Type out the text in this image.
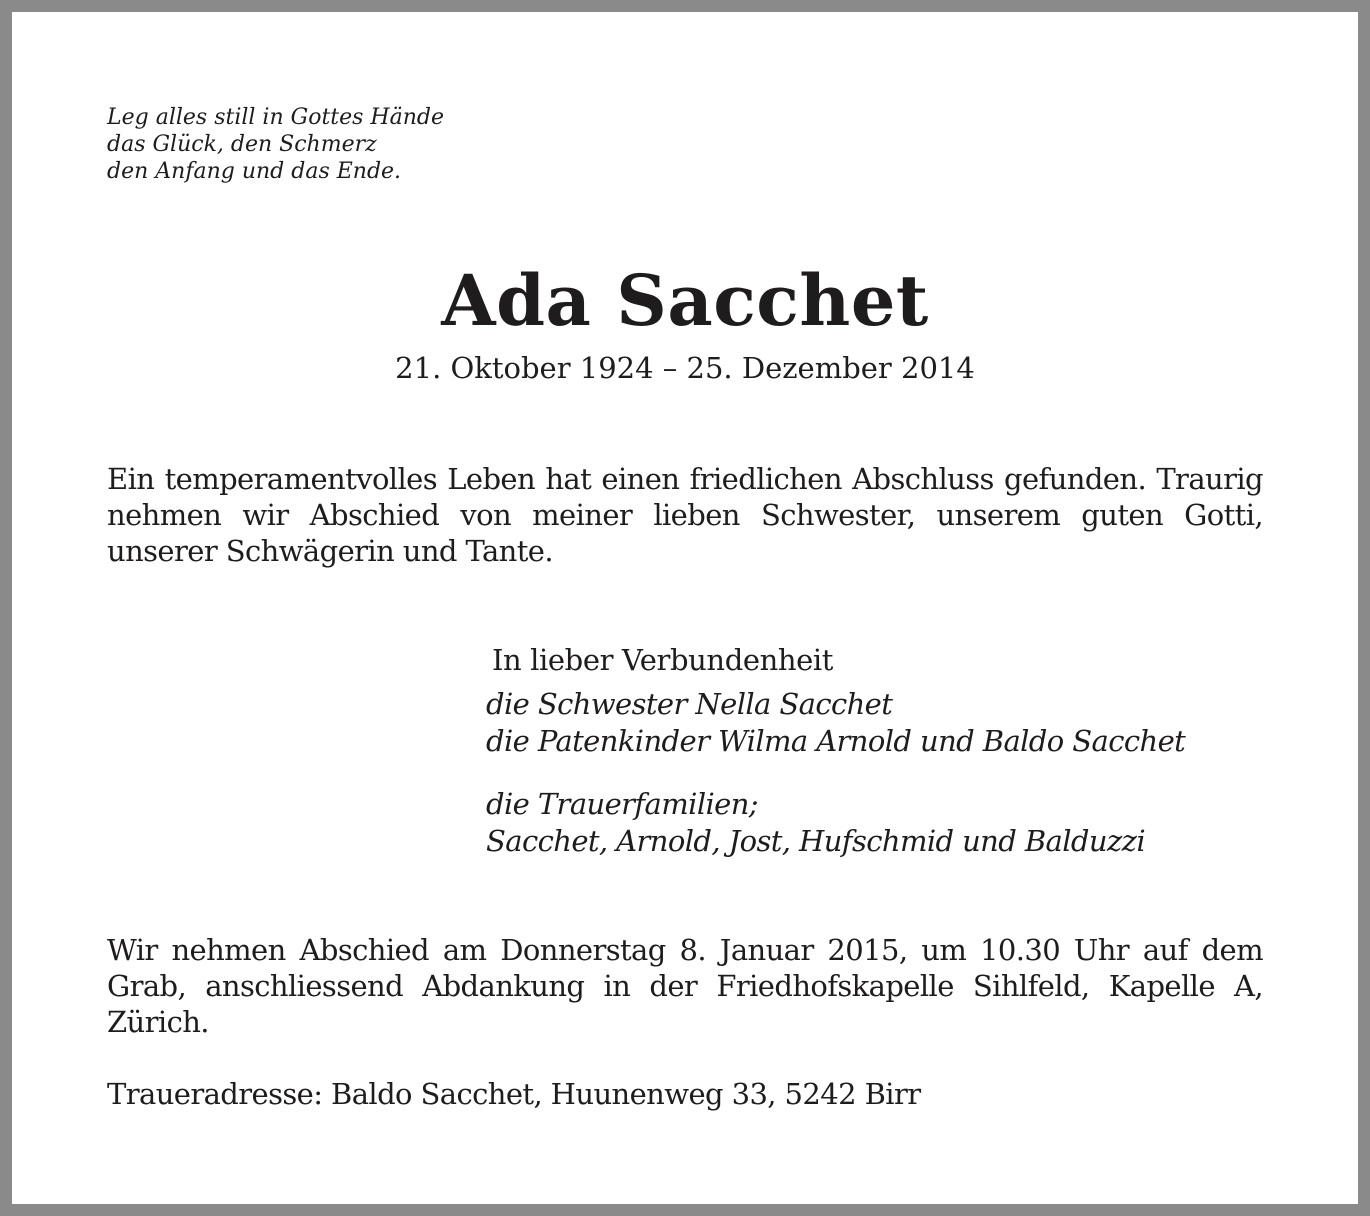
Leg alles still in Gottes Hände
das Glück, den Schmerz
den Anfang und das Ende.
Ada Sacchet
21. Oktober 1924 – 25. Dezember 2014

Ein temperamentvolles Leben hat einen friedlichen Abschluss gefunden. Traurig nehmen wir Abschied von meiner lieben Schwester, unserem guten Gotti, unserer Schwägerin und Tante.

In lieber Verbundenheit
die Schwester Nella Sacchet
die Patenkinder Wilma Arnold und Baldo Sacchet
die Trauerfamilien;
Sacchet, Arnold, Jost, Hufschmid und Balduzzi

Wir nehmen Abschied am Donnerstag 8. Januar 2015, um 10.30 Uhr auf dem Grab, anschliessend Abdankung in der Friedhofskapelle Sihlfeld, Kapelle A, Zürich.

Traueradresse: Baldo Sacchet, Huunenweg 33, 5242 Birr
